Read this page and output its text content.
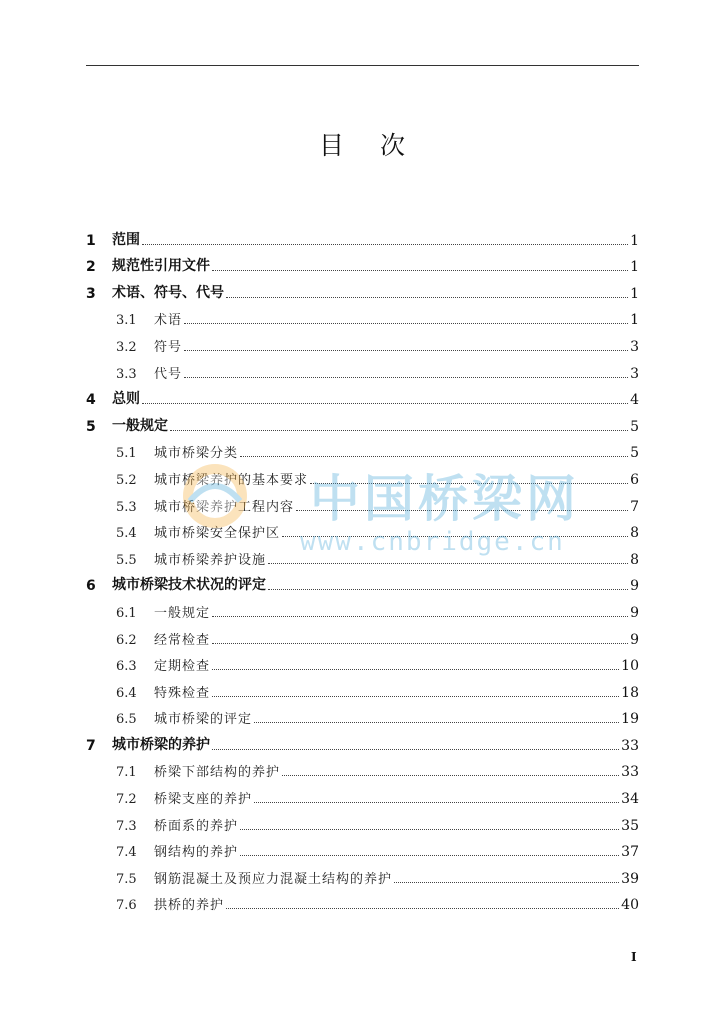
目 次
1	范围	1
2	规范性引用文件	1
3	术语、符号、代号	1
3.1	术语	1
3.2	符号	3
3.3	代号	3
4	总则	4
5	一般规定	5
5.1	城市桥梁分类	5
5.2	城市桥梁养护的基本要求	6
5.3	城市桥梁养护工程内容	7
5.4	城市桥梁安全保护区	8
5.5	城市桥梁养护设施	8
6	城市桥梁技术状况的评定	9
6.1	一般规定	9
6.2	经常检查	9
6.3	定期检查	10
6.4	特殊检查	18
6.5	城市桥梁的评定	19
7	城市桥梁的养护	33
7.1	桥梁下部结构的养护	33
7.2	桥梁支座的养护	34
7.3	桥面系的养护	35
7.4	钢结构的养护	37
7.5	钢筋混凝土及预应力混凝土结构的养护	39
7.6	拱桥的养护	40
中国桥梁网
www.cnbridge.cn
I
